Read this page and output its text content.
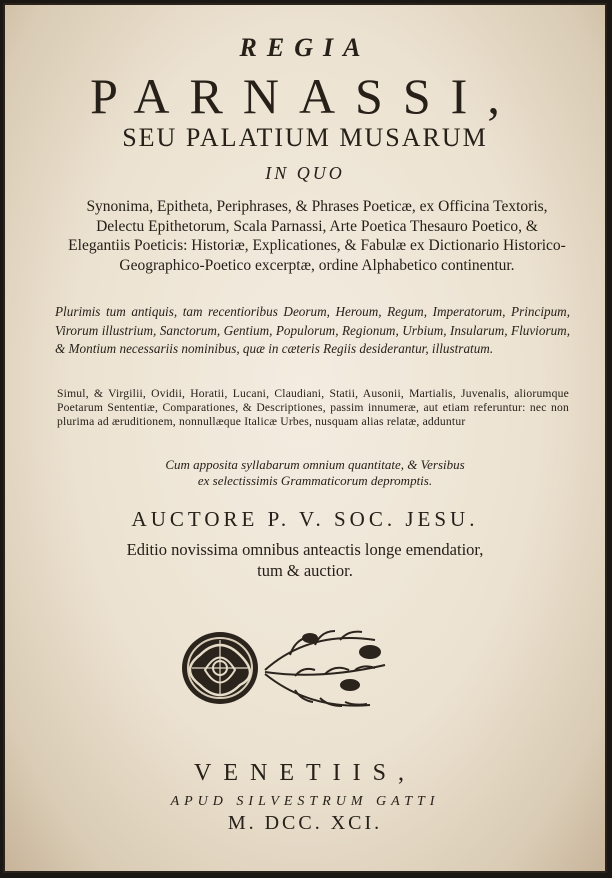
REGIA
PARNASSI,
SEU PALATIUM MUSARUM
IN QUO
Synonima, Epitheta, Periphrases, & Phrases Poeticæ, ex Officina Textoris, Delectu Epithetorum, Scala Parnassi, Arte Poetica Thesauro Poetico, & Elegantiis Poeticis: Historiæ, Explicationes, & Fabulæ ex Dictionario Historico-Geographico-Poetico excerptæ, ordine Alphabetico continentur.
Plurimis tum antiquis, tam recentioribus Deorum, Heroum, Regum, Imperatorum, Principum, Virorum illustrium, Sanctorum, Gentium, Populorum, Regionum, Urbium, Insularum, Fluviorum, & Montium necessariis nominibus, quæ in cæteris Regiis desiderantur, illustratum.
Simul, & Virgilii, Ovidii, Horatii, Lucani, Claudiani, Statii, Ausonii, Martialis, Juvenalis, aliorumque Poetarum Sententiæ, Comparationes, & Descriptiones, passim innumeræ, aut etiam referuntur: nec non plurima ad æruditionem, nonnullæque Italicæ Urbes, nusquam alias relatæ, adduntur
Cum apposita syllabarum omnium quantitate, & Versibus
ex selectissimis Grammaticorum depromptis.
AUCTORE P. V. SOC. JESU.
Editio novissima omnibus anteactis longe emendatior,
tum & auctior.
VENETIIS,
APUD SILVESTRUM GATTI
M. DCC. XCI.
